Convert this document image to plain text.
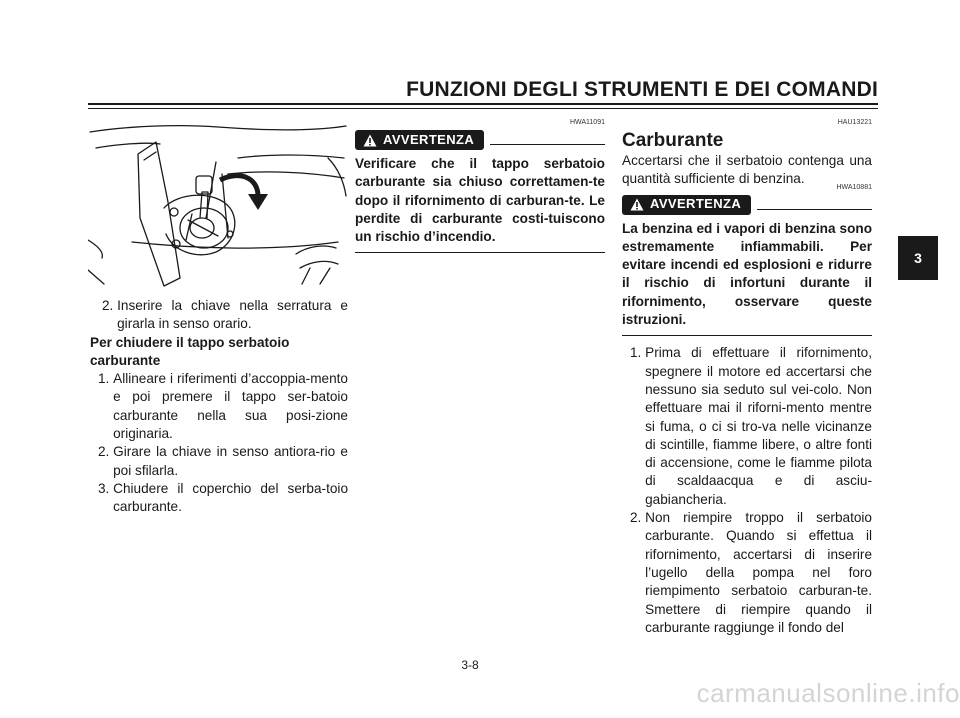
FUNZIONI DEGLI STRUMENTI E DEI COMANDI
3
2. Inserire la chiave nella serratura e girarla in senso orario.
Per chiudere il tappo serbatoio
carburante
1. Allineare i riferimenti d’accoppia-mento e poi premere il tappo ser-batoio carburante nella sua posi-zione originaria.
2. Girare la chiave in senso antiora-rio e poi sfilarla.
3. Chiudere il coperchio del serba-toio carburante.
HWA11091
AVVERTENZA
Verificare che il tappo serbatoio carburante sia chiuso correttamen-te dopo il rifornimento di carburan-te. Le perdite di carburante costi-tuiscono un rischio d’incendio.
HAU13221
Carburante
Accertarsi che il serbatoio contenga una quantità sufficiente di benzina.
HWA10881
AVVERTENZA
La benzina ed i vapori di benzina sono estremamente infiammabili. Per evitare incendi ed esplosioni e ridurre il rischio di infortuni durante il rifornimento, osservare queste istruzioni.
1. Prima di effettuare il rifornimento, spegnere il motore ed accertarsi che nessuno sia seduto sul vei-colo. Non effettuare mai il riforni-mento mentre si fuma, o ci si tro-va nelle vicinanze di scintille, fiamme libere, o altre fonti di accensione, come le fiamme pilota di scaldaacqua e di asciu-gabiancheria.
2. Non riempire troppo il serbatoio carburante. Quando si effettua il rifornimento, accertarsi di inserire l’ugello della pompa nel foro riempimento serbatoio carburan-te. Smettere di riempire quando il carburante raggiunge il fondo del
3-8
carmanualsonline.info
